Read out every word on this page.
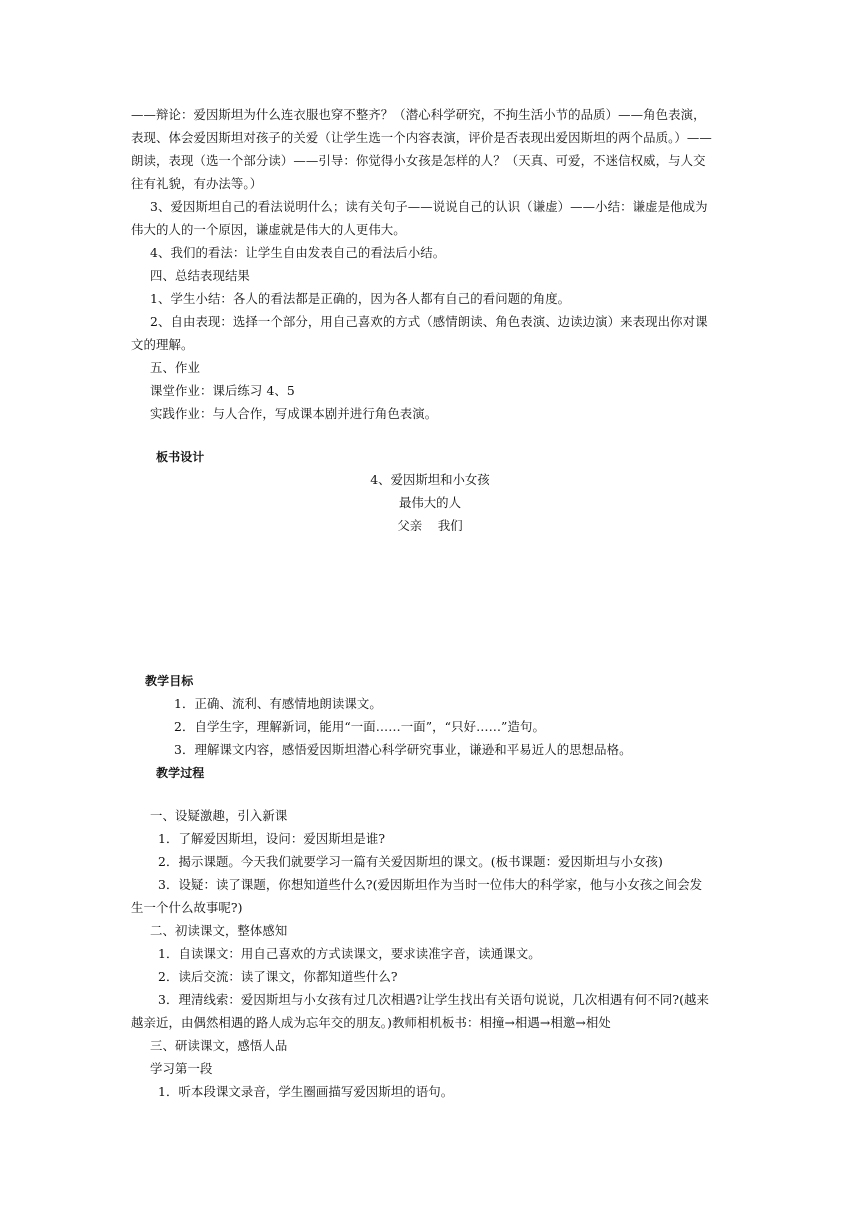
——辩论：爱因斯坦为什么连衣服也穿不整齐？（潜心科学研究，不拘生活小节的品质）——角色表演，
表现、体会爱因斯坦对孩子的关爱（让学生选一个内容表演，评价是否表现出爱因斯坦的两个品质。）——
朗读，表现（选一个部分读）——引导：你觉得小女孩是怎样的人？（天真、可爱，不迷信权威，与人交
往有礼貌，有办法等。）
3、爱因斯坦自己的看法说明什么；读有关句子——说说自己的认识（谦虚）——小结：谦虚是他成为
伟大的人的一个原因，谦虚就是伟大的人更伟大。
4、我们的看法：让学生自由发表自己的看法后小结。
四、总结表现结果
1、学生小结：各人的看法都是正确的，因为各人都有自己的看问题的角度。
2、自由表现：选择一个部分，用自己喜欢的方式（感情朗读、角色表演、边读边演）来表现出你对课
文的理解。
五、作业
课堂作业：课后练习 4、5
实践作业：与人合作，写成课本剧并进行角色表演。
板书设计
4、爱因斯坦和小女孩
最伟大的人
父亲    我们
教学目标
1．正确、流利、有感情地朗读课文。
2．自学生字，理解新词，能用“一面……一面”，“只好……”造句。
3．理解课文内容，感悟爱因斯坦潜心科学研究事业，谦逊和平易近人的思想品格。
教学过程
一、设疑激趣，引入新课
1．了解爱因斯坦，设问：爱因斯坦是谁?
2．揭示课题。今天我们就要学习一篇有关爱因斯坦的课文。(板书课题：爱因斯坦与小女孩)
3．设疑：读了课题，你想知道些什么?(爱因斯坦作为当时一位伟大的科学家，他与小女孩之间会发
生一个什么故事呢?)
二、初读课文，整体感知
1．自读课文：用自己喜欢的方式读课文，要求读准字音，读通课文。
2．读后交流：读了课文，你都知道些什么?
3．理清线索：爱因斯坦与小女孩有过几次相遇?让学生找出有关语句说说，几次相遇有何不同?(越来
越亲近，由偶然相遇的路人成为忘年交的朋友。)教师相机板书：相撞→相遇→相邀→相处
三、研读课文，感悟人品
学习第一段
1．听本段课文录音，学生圈画描写爱因斯坦的语句。
